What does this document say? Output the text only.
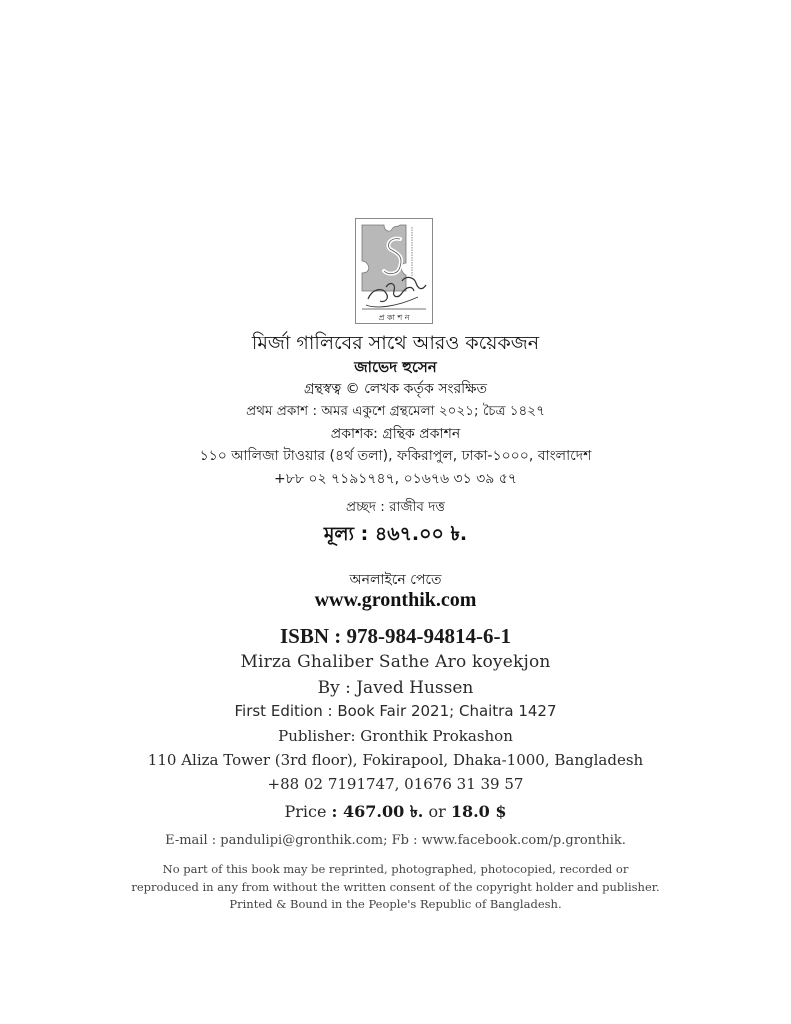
প্র কা শ ন
মির্জা গালিবের সাথে আরও কয়েকজন
জাভেদ হুসেন
গ্রন্থস্বত্ব © লেখক কর্তৃক সংরক্ষিত
প্রথম প্রকাশ : অমর একুশে গ্রন্থমেলা ২০২১; চৈত্র ১৪২৭
প্রকাশক: গ্রন্থিক প্রকাশন
১১০ আলিজা টাওয়ার (৪র্থ তলা), ফকিরাপুল, ঢাকা-১০০০, বাংলাদেশ
+৮৮ ০২ ৭১৯১৭৪৭, ০১৬৭৬ ৩১ ৩৯ ৫৭
প্রচ্ছদ : রাজীব দত্ত
মূল্য : ৪৬৭.০০ ৳.
অনলাইনে পেতে
www.gronthik.com
ISBN : 978-984-94814-6-1
Mirza Ghaliber Sathe Aro koyekjon
By : Javed Hussen
First Edition : Book Fair 2021; Chaitra 1427
Publisher: Gronthik Prokashon
110 Aliza Tower (3rd floor), Fokirapool, Dhaka-1000, Bangladesh
+88 02 7191747, 01676 31 39 57
Price : 467.00 ৳. or 18.0 $
E-mail : pandulipi@gronthik.com; Fb : www.facebook.com/p.gronthik.
No part of this book may be reprinted, photographed, photocopied, recorded or
reproduced in any from without the written consent of the copyright holder and publisher.
Printed & Bound in the People's Republic of Bangladesh.
